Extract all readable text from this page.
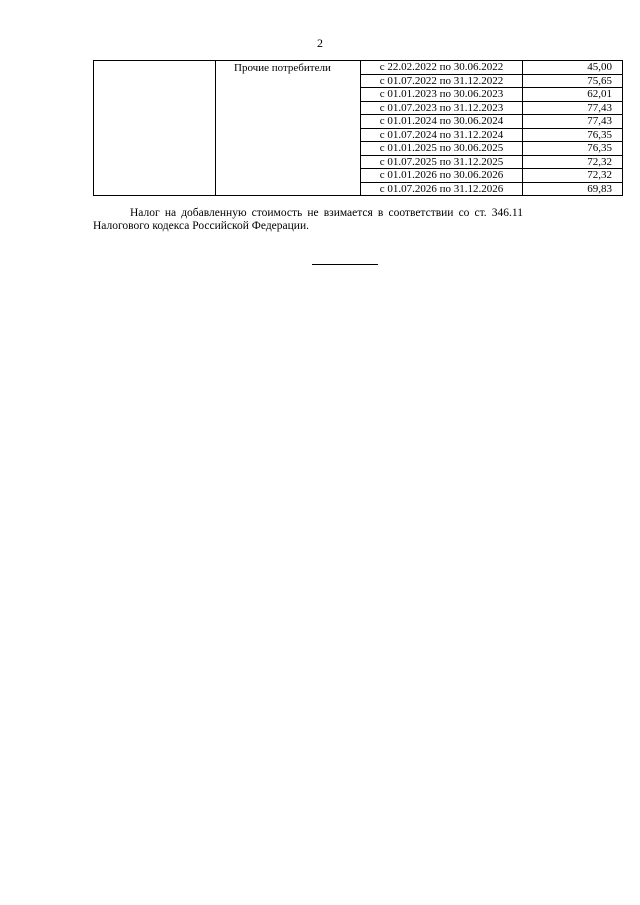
2
	Прочие потребители	с 22.02.2022 по 30.06.2022	45,00
		с 01.07.2022 по 31.12.2022	75,65
		с 01.01.2023 по 30.06.2023	62,01
		с 01.07.2023 по 31.12.2023	77,43
		с 01.01.2024 по 30.06.2024	77,43
		с 01.07.2024 по 31.12.2024	76,35
		с 01.01.2025 по 30.06.2025	76,35
		с 01.07.2025 по 31.12.2025	72,32
		с 01.01.2026 по 30.06.2026	72,32
		с 01.07.2026 по 31.12.2026	69,83

Налог на добавленную стоимость не взимается в соответствии со ст. 346.11 Налогового кодекса Российской Федерации.
